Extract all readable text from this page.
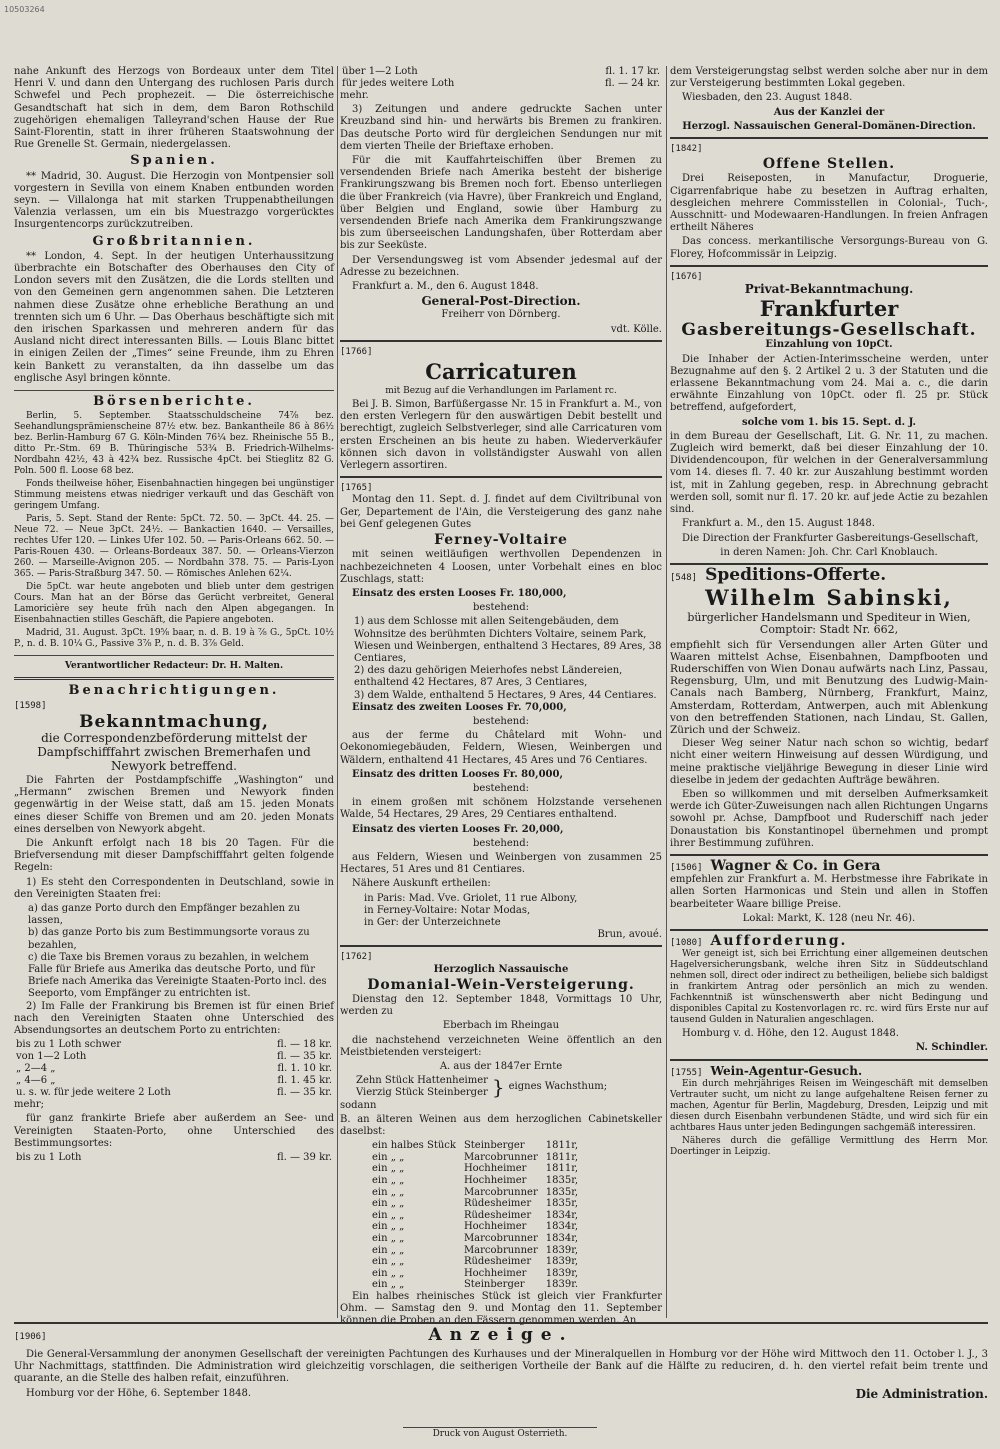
10503264

nahe Ankunft des Herzogs von Bordeaux unter dem Titel Henri V. und dann den Untergang des ruchlosen Paris durch Schwefel und Pech prophezeit. — Die österreichische Gesandtschaft hat sich in dem, dem Baron Rothschild zugehörigen ehemaligen Talleyrand'schen Hause der Rue Saint-Florentin, statt in ihrer früheren Staatswohnung der Rue Grenelle St. Germain, niedergelassen.

Spanien.

** Madrid, 30. August. Die Herzogin von Montpensier soll vorgestern in Sevilla von einem Knaben entbunden worden seyn. — Villalonga hat mit starken Truppenabtheilungen Valenzia verlassen, um ein bis Muestrazgo vorgerücktes Insurgentencorps zurückzutreiben.

Großbritannien.

** London, 4. Sept. In der heutigen Unterhaussitzung überbrachte ein Botschafter des Oberhauses den City of London severs mit den Zusätzen, die die Lords stellten und von den Gemeinen gern angenommen sahen. Die Letzteren nahmen diese Zusätze ohne erhebliche Berathung an und trennten sich um 6 Uhr. — Das Oberhaus beschäftigte sich mit den irischen Sparkassen und mehreren andern für das Ausland nicht direct interessanten Bills. — Louis Blanc bittet in einigen Zeilen der „Times“ seine Freunde, ihm zu Ehren kein Bankett zu veranstalten, da ihn dasselbe um das englische Asyl bringen könnte.

Börsenberichte.

Berlin, 5. September. Staatsschuldscheine 74⅞ bez. Seehandlungsprämienscheine 87½ etw. bez. Bankantheile 86 à 86½ bez. Berlin-Hamburg 67 G. Köln-Minden 76¼ bez. Rheinische 55 B., ditto Pr.-Stm. 69 B. Thüringische 53¾ B. Friedrich-Wilhelms-Nordbahn 42½, 43 à 42¾ bez. Russische 4pCt. bei Stieglitz 82 G. Poln. 500 fl. Loose 68 bez.

Fonds theilweise höher, Eisenbahnactien hingegen bei ungünstiger Stimmung meistens etwas niedriger verkauft und das Geschäft von geringem Umfang.

Paris, 5. Sept. Stand der Rente: 5pCt. 72. 50. — 3pCt. 44. 25. — Neue 72. — Neue 3pCt. 24½. — Bankactien 1640. — Versailles, rechtes Ufer 120. — Linkes Ufer 102. 50. — Paris-Orleans 662. 50. — Paris-Rouen 430. — Orleans-Bordeaux 387. 50. — Orleans-Vierzon 260. — Marseille-Avignon 205. — Nordbahn 378. 75. — Paris-Lyon 365. — Paris-Straßburg 347. 50. — Römisches Anlehen 62¼.

Die 5pCt. war heute angeboten und blieb unter dem gestrigen Cours. Man hat an der Börse das Gerücht verbreitet, General Lamoricière sey heute früh nach den Alpen abgegangen. In Eisenbahnactien stilles Geschäft, die Papiere angeboten.

Madrid, 31. August. 3pCt. 19⅝ baar, n. d. B. 19 à ⅞ G., 5pCt. 10½ P., n. d. B. 10¼ G., Passive 3⅞ P., n. d. B. 3⅞ Geld.

Verantwortlicher Redacteur: Dr. H. Malten.

Benachrichtigungen.
[1598]
Bekanntmachung,

die Correspondenzbeförderung mittelst der Dampfschifffahrt zwischen Bremerhafen und Newyork betreffend.

Die Fahrten der Postdampfschiffe „Washington“ und „Hermann“ zwischen Bremen und Newyork finden gegenwärtig in der Weise statt, daß am 15. jeden Monats eines dieser Schiffe von Bremen und am 20. jeden Monats eines derselben von Newyork abgeht.

Die Ankunft erfolgt nach 18 bis 20 Tagen. Für die Briefversendung mit dieser Dampfschifffahrt gelten folgende Regeln:

1) Es steht den Correspondenten in Deutschland, sowie in den Vereinigten Staaten frei:

a) das ganze Porto durch den Empfänger bezahlen zu lassen,
b) das ganze Porto bis zum Bestimmungsorte voraus zu bezahlen,
c) die Taxe bis Bremen voraus zu bezahlen, in welchem Falle für Briefe aus Amerika das deutsche Porto, und für Briefe nach Amerika das Vereinigte Staaten-Porto incl. des Seeporto, vom Empfänger zu entrichten ist.

2) Im Falle der Frankirung bis Bremen ist für einen Brief nach den Vereinigten Staaten ohne Unterschied des Absendungsortes an deutschem Porto zu entrichten:

bis zu 1 Loth schwer	fl. — 18 kr.
von 1—2 Loth	fl. — 35 kr.
„ 2—4 „	fl. 1. 10 kr.
„ 4—6 „	fl. 1. 45 kr.
u. s. w. für jede weitere 2 Loth	fl. — 35 kr.

mehr;

für ganz frankirte Briefe aber außerdem an See- und Vereinigten Staaten-Porto, ohne Unterschied des Bestimmungsortes:

bis zu 1 Loth	fl. — 39 kr.
über 1—2 Loth	fl. 1. 17 kr.
für jedes weitere Loth	fl. — 24 kr.

mehr.

3) Zeitungen und andere gedruckte Sachen unter Kreuzband sind hin- und herwärts bis Bremen zu frankiren. Das deutsche Porto wird für dergleichen Sendungen nur mit dem vierten Theile der Brieftaxe erhoben.

Für die mit Kauffahrteischiffen über Bremen zu versendenden Briefe nach Amerika besteht der bisherige Frankirungszwang bis Bremen noch fort. Ebenso unterliegen die über Frankreich (via Havre), über Frankreich und England, über Belgien und England, sowie über Hamburg zu versendenden Briefe nach Amerika dem Frankirungszwange bis zum überseeischen Landungshafen, über Rotterdam aber bis zur Seeküste.

Der Versendungsweg ist vom Absender jedesmal auf der Adresse zu bezeichnen.

Frankfurt a. M., den 6. August 1848.

General-Post-Direction.

Freiherr von Dörnberg.

vdt. Kölle.

[1766]
Carricaturen

mit Bezug auf die Verhandlungen im Parlament rc.

Bei J. B. Simon, Barfüßergasse Nr. 15 in Frankfurt a. M., von den ersten Verlegern für den auswärtigen Debit bestellt und berechtigt, zugleich Selbstverleger, sind alle Carricaturen vom ersten Erscheinen an bis heute zu haben. Wiederverkäufer können sich davon in vollständigster Auswahl von allen Verlegern assortiren.

[1765]

Montag den 11. Sept. d. J. findet auf dem Civiltribunal von Ger, Departement de l'Ain, die Versteigerung des ganz nahe bei Genf gelegenen Gutes

Ferney-Voltaire

mit seinen weitläufigen werthvollen Dependenzen in nachbezeichneten 4 Loosen, unter Vorbehalt eines en bloc Zuschlags, statt:

Einsatz des ersten Looses Fr. 180,000,

bestehend:

1) aus dem Schlosse mit allen Seitengebäuden, dem Wohnsitze des berühmten Dichters Voltaire, seinem Park, Wiesen und Weinbergen, enthaltend 3 Hectares, 89 Ares, 38 Centiares,
2) des dazu gehörigen Meierhofes nebst Ländereien, enthaltend 42 Hectares, 87 Ares, 3 Centiares,
3) dem Walde, enthaltend 5 Hectares, 9 Ares, 44 Centiares.

Einsatz des zweiten Looses Fr. 70,000,

bestehend:

aus der ferme du Châtelard mit Wohn- und Oekonomiegebäuden, Feldern, Wiesen, Weinbergen und Wäldern, enthaltend 41 Hectares, 45 Ares und 76 Centiares.

Einsatz des dritten Looses Fr. 80,000,

bestehend:

in einem großen mit schönem Holzstande versehenen Walde, 54 Hectares, 29 Ares, 29 Centiares enthaltend.

Einsatz des vierten Looses Fr. 20,000,

bestehend:

aus Feldern, Wiesen und Weinbergen von zusammen 25 Hectares, 51 Ares und 81 Centiares.

Nähere Auskunft ertheilen:

in Paris: Mad. Vve. Griolet, 11 rue Albony,
in Ferney-Voltaire: Notar Modas,
in Ger: der Unterzeichnete

Brun, avoué.

[1762]

Herzoglich Nassauische

Domanial-Wein-Versteigerung.

Dienstag den 12. September 1848, Vormittags 10 Uhr, werden zu

Eberbach im Rheingau

die nachstehend verzeichneten Weine öffentlich an den Meistbietenden versteigert:

A. aus der 1847er Ernte

Zehn Stück Hattenheimer
Vierzig Stück Steinberger } eignes Wachsthum;

sodann

B. an älteren Weinen aus dem herzoglichen Cabinetskeller daselbst:

ein halbes Stück	Steinberger	1811r,
ein „ „	Marcobrunner	1811r,
ein „ „	Hochheimer	1811r,
ein „ „	Hochheimer	1835r,
ein „ „	Marcobrunner	1835r,
ein „ „	Rüdesheimer	1835r,
ein „ „	Rüdesheimer	1834r,
ein „ „	Hochheimer	1834r,
ein „ „	Marcobrunner	1834r,
ein „ „	Marcobrunner	1839r,
ein „ „	Rüdesheimer	1839r,
ein „ „	Hochheimer	1839r,
ein „ „	Steinberger	1839r.

Ein halbes rheinisches Stück ist gleich vier Frankfurter Ohm. — Samstag den 9. und Montag den 11. September können die Proben an den Fässern genommen werden. An

dem Versteigerungstag selbst werden solche aber nur in dem zur Versteigerung bestimmten Lokal gegeben.

Wiesbaden, den 23. August 1848.

Aus der Kanzlei der

Herzogl. Nassauischen General-Domänen-Direction.

[1842]
Offene Stellen.

Drei Reiseposten, in Manufactur, Droguerie, Cigarrenfabrique habe zu besetzen in Auftrag erhalten, desgleichen mehrere Commisstellen in Colonial-, Tuch-, Ausschnitt- und Modewaaren-Handlungen. In freien Anfragen ertheilt Näheres

Das concess. merkantilische Versorgungs-Bureau von G. Florey, Hofcommissär in Leipzig.

[1676]

Privat-Bekanntmachung.

Frankfurter
Gasbereitungs-Gesellschaft.

Einzahlung von 10pCt.

Die Inhaber der Actien-Interimsscheine werden, unter Bezugnahme auf den §. 2 Artikel 2 u. 3 der Statuten und die erlassene Bekanntmachung vom 24. Mai a. c., die darin erwähnte Einzahlung von 10pCt. oder fl. 25 pr. Stück betreffend, aufgefordert,

solche vom 1. bis 15. Sept. d. J.

in dem Bureau der Gesellschaft, Lit. G. Nr. 11, zu machen. Zugleich wird bemerkt, daß bei dieser Einzahlung der 10. Dividendencoupon, für welchen in der Generalversammlung vom 14. dieses fl. 7. 40 kr. zur Auszahlung bestimmt worden ist, mit in Zahlung gegeben, resp. in Abrechnung gebracht werden soll, somit nur fl. 17. 20 kr. auf jede Actie zu bezahlen sind.

Frankfurt a. M., den 15. August 1848.

Die Direction der Frankfurter Gasbereitungs-Gesellschaft,

in deren Namen: Joh. Chr. Carl Knoblauch.

[548] Speditions-Offerte.
Wilhelm Sabinski,

bürgerlicher Handelsmann und Spediteur in Wien, Comptoir: Stadt Nr. 662,

empfiehlt sich für Versendungen aller Arten Güter und Waaren mittelst Achse, Eisenbahnen, Dampfbooten und Ruderschiffen von Wien Donau aufwärts nach Linz, Passau, Regensburg, Ulm, und mit Benutzung des Ludwig-Main-Canals nach Bamberg, Nürnberg, Frankfurt, Mainz, Amsterdam, Rotterdam, Antwerpen, auch mit Ablenkung von den betreffenden Stationen, nach Lindau, St. Gallen, Zürich und der Schweiz.

Dieser Weg seiner Natur nach schon so wichtig, bedarf nicht einer weitern Hinweisung auf dessen Würdigung, und meine praktische vieljährige Bewegung in dieser Linie wird dieselbe in jedem der gedachten Aufträge bewähren.

Eben so willkommen und mit derselben Aufmerksamkeit werde ich Güter-Zuweisungen nach allen Richtungen Ungarns sowohl pr. Achse, Dampfboot und Ruderschiff nach jeder Donaustation bis Konstantinopel übernehmen und prompt ihrer Bestimmung zuführen.

[1506] Wagner & Co. in Gera

empfehlen zur Frankfurt a. M. Herbstmesse ihre Fabrikate in allen Sorten Harmonicas und Stein und allen in Stoffen bearbeiteter Waare billige Preise.

Lokal: Markt, K. 128 (neu Nr. 46).

[1080] Aufforderung.

Wer geneigt ist, sich bei Errichtung einer allgemeinen deutschen Hagelversicherungsbank, welche ihren Sitz in Süddeutschland nehmen soll, direct oder indirect zu betheiligen, beliebe sich baldigst in frankirtem Antrag oder persönlich an mich zu wenden. Fachkenntniß ist wünschenswerth aber nicht Bedingung und disponibles Capital zu Kostenvorlagen rc. rc. wird fürs Erste nur auf tausend Gulden in Naturalien angeschlagen.

Homburg v. d. Höhe, den 12. August 1848.

N. Schindler.

[1755] Wein-Agentur-Gesuch.

Ein durch mehrjähriges Reisen im Weingeschäft mit demselben Vertrauter sucht, um nicht zu lange aufgehaltene Reisen ferner zu machen, Agentur für Berlin, Magdeburg, Dresden, Leipzig und mit diesen durch Eisenbahn verbundenen Städte, und wird sich für ein achtbares Haus unter jeden Bedingungen sachgemäß interessiren.

Näheres durch die gefällige Vermittlung des Herrn Mor. Doertinger in Leipzig.

[1906]	Anzeige.

Die General-Versammlung der anonymen Gesellschaft der vereinigten Pachtungen des Kurhauses und der Mineralquellen in Homburg vor der Höhe wird Mittwoch den 11. October l. J., 3 Uhr Nachmittags, stattfinden. Die Administration wird gleichzeitig vorschlagen, die seitherigen Vortheile der Bank auf die Hälfte zu reduciren, d. h. den viertel refait beim trente und quarante, an die Stelle des halben refait, einzuführen.

Homburg vor der Höhe, 6. September 1848.	Die Administration.
Druck von August Osterrieth.
